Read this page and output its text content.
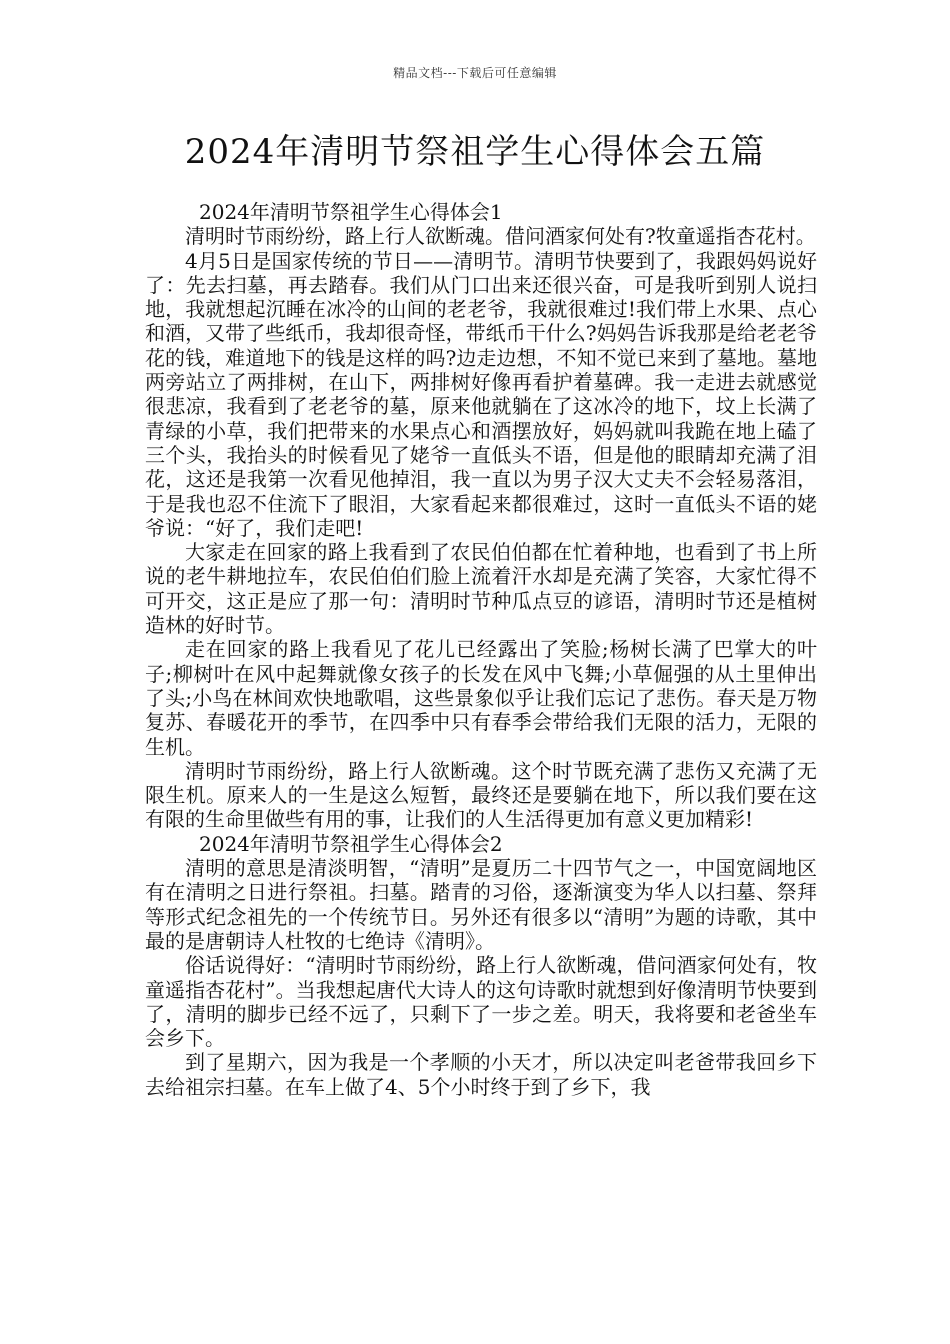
精品文档---下载后可任意编辑
2024年清明节祭祖学生心得体会五篇

2024年清明节祭祖学生心得体会1

清明时节雨纷纷，路上行人欲断魂。借问酒家何处有?牧童遥指杏花村。

4月5日是国家传统的节日——清明节。清明节快要到了，我跟妈妈说好了：先去扫墓，再去踏春。我们从门口出来还很兴奋，可是我听到别人说扫地，我就想起沉睡在冰冷的山间的老老爷，我就很难过!我们带上水果、点心和酒，又带了些纸币，我却很奇怪，带纸币干什么?妈妈告诉我那是给老老爷花的钱，难道地下的钱是这样的吗?边走边想，不知不觉已来到了墓地。墓地两旁站立了两排树，在山下，两排树好像再看护着墓碑。我一走进去就感觉很悲凉，我看到了老老爷的墓，原来他就躺在了这冰冷的地下，坟上长满了青绿的小草，我们把带来的水果点心和酒摆放好，妈妈就叫我跪在地上磕了三个头，我抬头的时候看见了姥爷一直低头不语，但是他的眼睛却充满了泪花，这还是我第一次看见他掉泪，我一直以为男子汉大丈夫不会轻易落泪，于是我也忍不住流下了眼泪，大家看起来都很难过，这时一直低头不语的姥爷说：“好了，我们走吧!

大家走在回家的路上我看到了农民伯伯都在忙着种地，也看到了书上所说的老牛耕地拉车，农民伯伯们脸上流着汗水却是充满了笑容，大家忙得不可开交，这正是应了那一句：清明时节种瓜点豆的谚语，清明时节还是植树造林的好时节。

走在回家的路上我看见了花儿已经露出了笑脸;杨树长满了巴掌大的叶子;柳树叶在风中起舞就像女孩子的长发在风中飞舞;小草倔强的从土里伸出了头;小鸟在林间欢快地歌唱，这些景象似乎让我们忘记了悲伤。春天是万物复苏、春暖花开的季节，在四季中只有春季会带给我们无限的活力，无限的生机。

清明时节雨纷纷，路上行人欲断魂。这个时节既充满了悲伤又充满了无限生机。原来人的一生是这么短暂，最终还是要躺在地下，所以我们要在这有限的生命里做些有用的事，让我们的人生活得更加有意义更加精彩!

2024年清明节祭祖学生心得体会2

清明的意思是清淡明智，“清明”是夏历二十四节气之一，中国宽阔地区有在清明之日进行祭祖。扫墓。踏青的习俗，逐渐演变为华人以扫墓、祭拜等形式纪念祖先的一个传统节日。另外还有很多以“清明”为题的诗歌，其中最的是唐朝诗人杜牧的七绝诗《清明》。

俗话说得好：“清明时节雨纷纷，路上行人欲断魂，借问酒家何处有，牧童遥指杏花村”。当我想起唐代大诗人的这句诗歌时就想到好像清明节快要到了，清明的脚步已经不远了，只剩下了一步之差。明天，我将要和老爸坐车会乡下。

到了星期六，因为我是一个孝顺的小天才，所以决定叫老爸带我回乡下去给祖宗扫墓。在车上做了4、5个小时终于到了乡下，我
